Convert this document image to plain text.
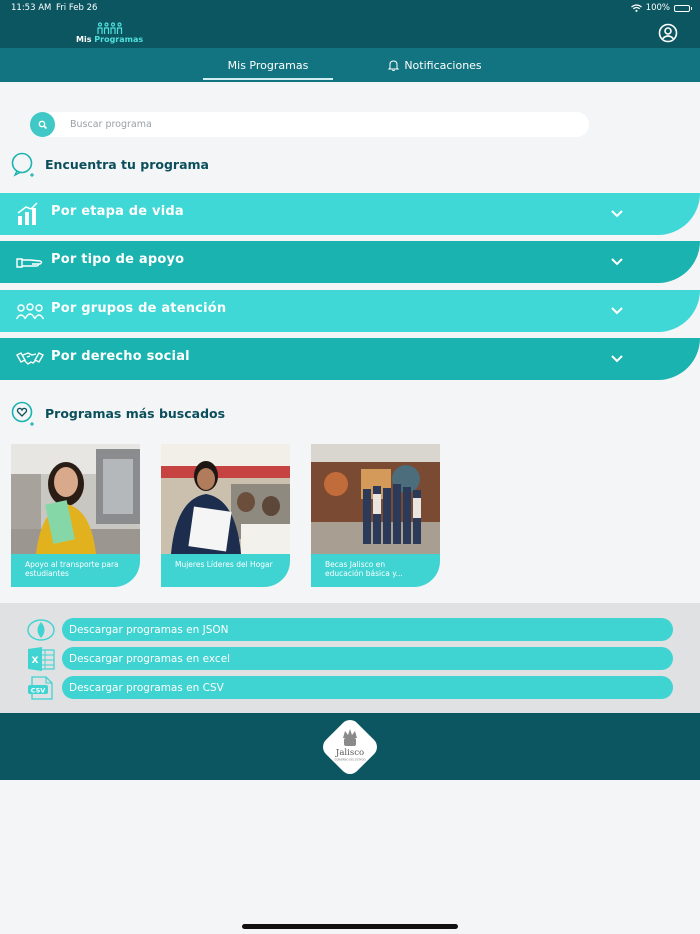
11:53 AM Fri Feb 26	100%
Mis Programas
Mis Programas	Notificaciones
Buscar programa
Encuentra tu programa
Por etapa de vida
Por tipo de apoyo
Por grupos de atención
Por derecho social
Programas más buscados
Apoyo al transporte para estudiantes
Mujeres Líderes del Hogar	Becas Jalisco en educación básica y...
Descargar programas en JSON
X	Descargar programas en excel
CSV Descargar programas en CSV
Jalisco
GOBIERNO DEL ESTADO
